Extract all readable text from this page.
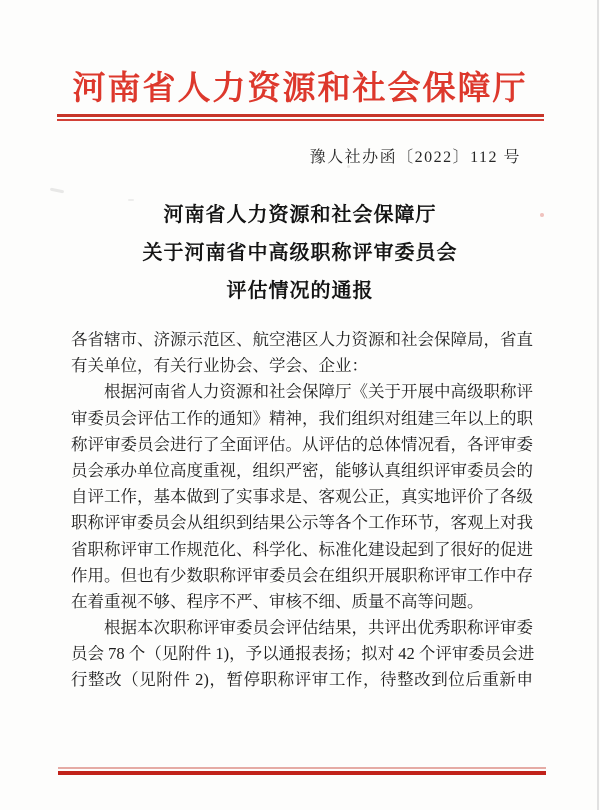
河南省人力资源和社会保障厅
豫人社办函〔2022〕112 号
河南省人力资源和社会保障厅
关于河南省中高级职称评审委员会
评估情况的通报
各省辖市、济源示范区、航空港区人力资源和社会保障局，省直
有关单位，有关行业协会、学会、企业：
根据河南省人力资源和社会保障厅《关于开展中高级职称评
审委员会评估工作的通知》精神，我们组织对组建三年以上的职
称评审委员会进行了全面评估。从评估的总体情况看，各评审委
员会承办单位高度重视，组织严密，能够认真组织评审委员会的
自评工作，基本做到了实事求是、客观公正，真实地评价了各级
职称评审委员会从组织到结果公示等各个工作环节，客观上对我
省职称评审工作规范化、科学化、标准化建设起到了很好的促进
作用。但也有少数职称评审委员会在组织开展职称评审工作中存
在着重视不够、程序不严、审核不细、质量不高等问题。
根据本次职称评审委员会评估结果，共评出优秀职称评审委
员会 78 个（见附件 1)，予以通报表扬；拟对 42 个评审委员会进
行整改（见附件 2)，暂停职称评审工作，待整改到位后重新申
